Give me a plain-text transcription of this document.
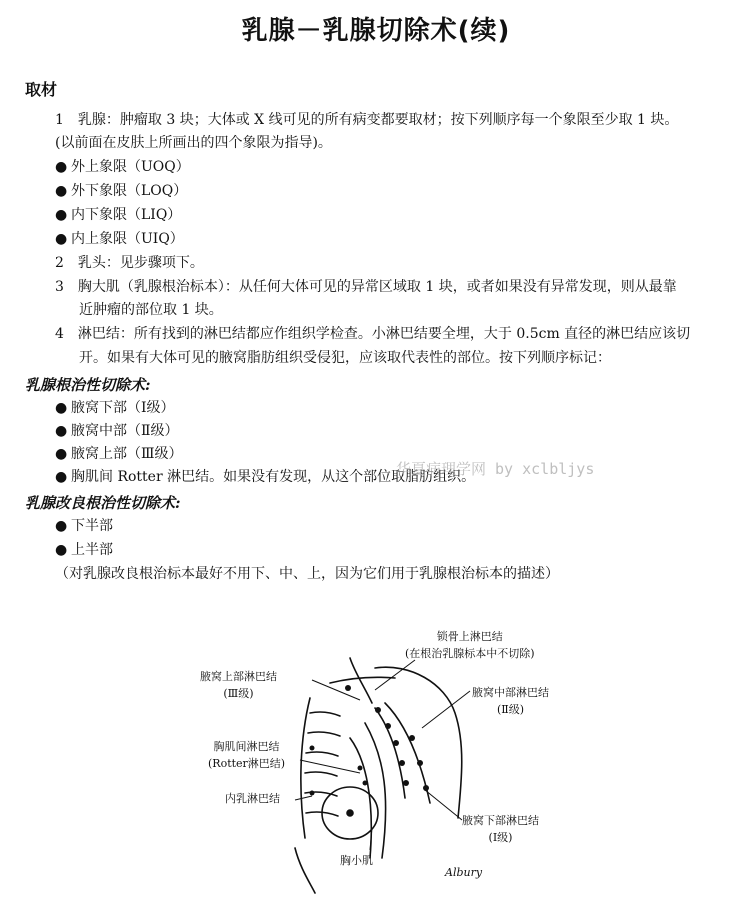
乳腺－乳腺切除术(续)
取材
1　乳腺：肿瘤取 3 块；大体或 X 线可见的所有病变都要取材；按下列顺序每一个象限至少取 1 块。
(以前面在皮肤上所画出的四个象限为指导)。
● 外上象限（UOQ）
● 外下象限（LOQ）
● 内下象限（LIQ）
● 内上象限（UIQ）
2　乳头：见步骤项下。
3　胸大肌（乳腺根治标本）：从任何大体可见的异常区域取 1 块，或者如果没有异常发现，则从最靠
近肿瘤的部位取 1 块。
4　淋巴结：所有找到的淋巴结都应作组织学检查。小淋巴结要全埋，大于 0.5cm 直径的淋巴结应该切
开。如果有大体可见的腋窝脂肪组织受侵犯，应该取代表性的部位。按下列顺序标记：
乳腺根治性切除术:
● 腋窝下部（Ⅰ级）
● 腋窝中部（Ⅱ级）
● 腋窝上部（Ⅲ级）
● 胸肌间 Rotter 淋巴结。如果没有发现，从这个部位取脂肪组织。
华夏病理学网 by xclbljys
乳腺改良根治性切除术:
● 下半部
● 上半部
（对乳腺改良根治标本最好不用下、中、上，因为它们用于乳腺根治标本的描述）
锁骨上淋巴结
(在根治乳腺标本中不切除)
腋窝上部淋巴结
(Ⅲ级)	腋窝中部淋巴结
(Ⅱ级)
胸肌间淋巴结
(Rotter淋巴结)
内乳淋巴结
腋窝下部淋巴结
(Ⅰ级)
胸小肌
Albury
